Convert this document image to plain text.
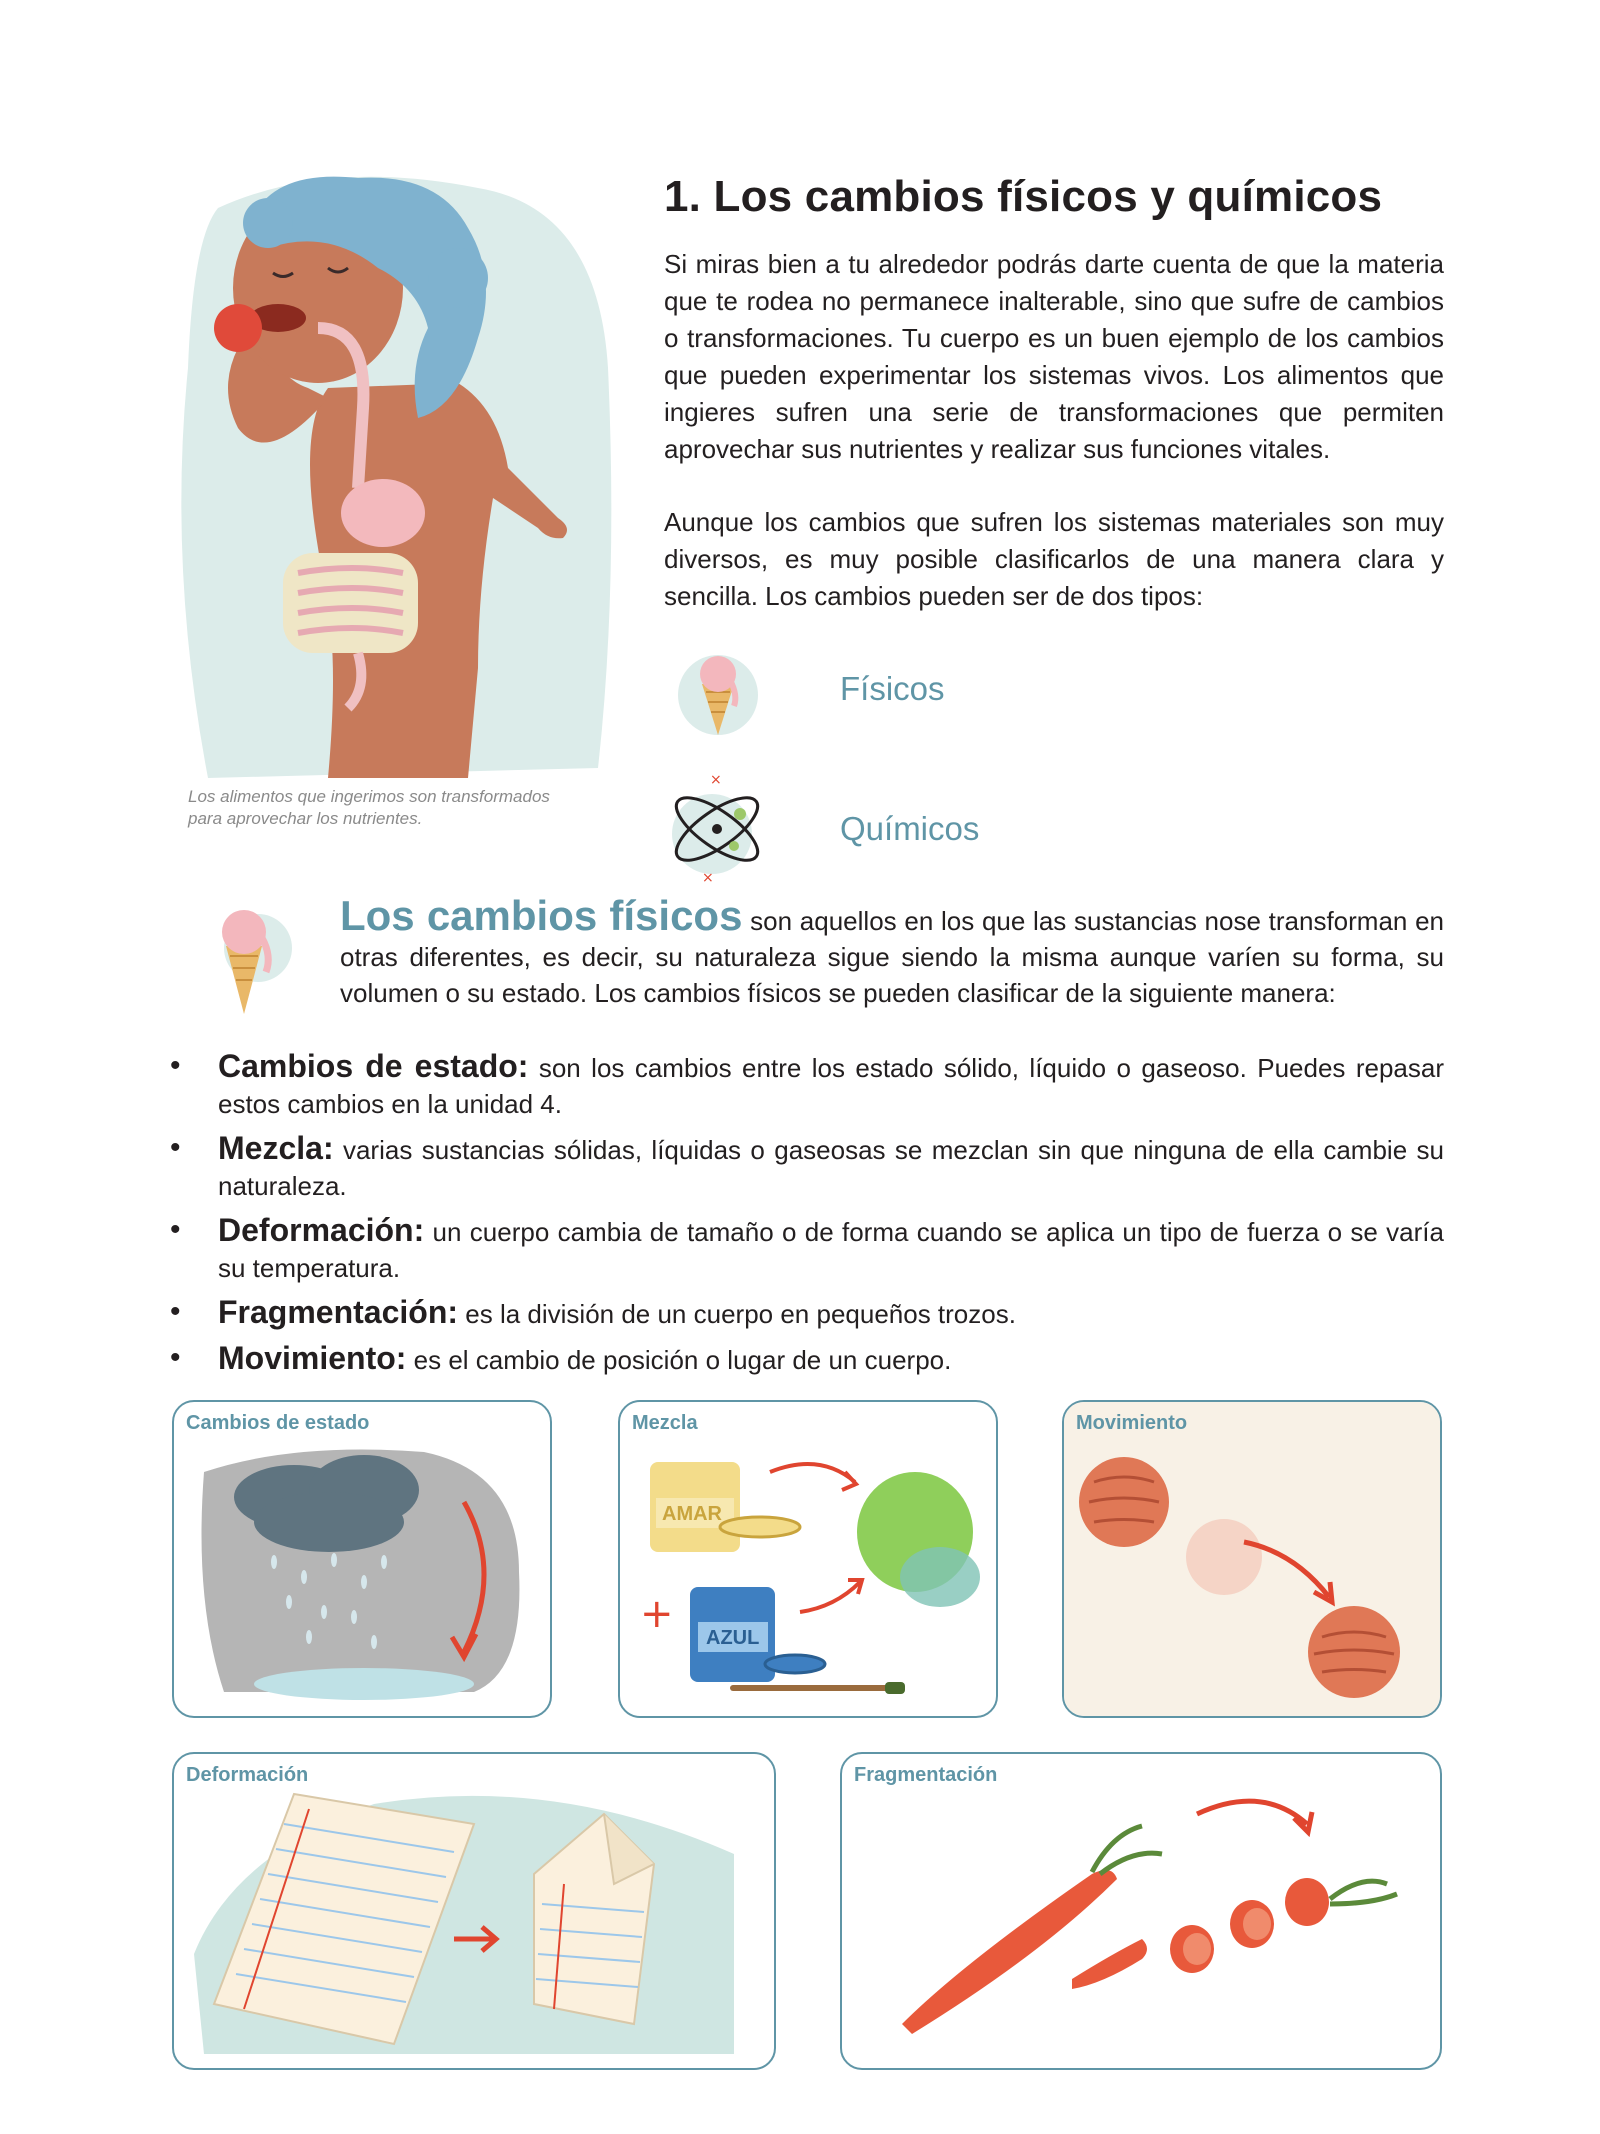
Los alimentos que ingerimos son transformados para aprovechar los nutrientes.
1. Los cambios físicos y químicos

Si miras bien a tu alrededor podrás darte cuenta de que la materia que te rodea no permanece inalterable, sino que sufre de cambios o transformaciones. Tu cuerpo es un buen ejemplo de los cambios que pueden experimentar los sistemas vivos. Los alimentos que ingieres sufren una serie de transformaciones que permiten aprovechar sus nutrientes y realizar sus funciones vitales.

Aunque los cambios que sufren los sistemas materiales son muy diversos, es muy posible clasificarlos de una manera clara y sencilla. Los cambios pueden ser de dos tipos:

Físicos
×
×
Químicos

Los cambios físicos son aquellos en los que las sustancias nose transforman en otras diferentes, es decir, su naturaleza sigue siendo la misma aunque varíen su forma, su volumen o su estado. Los cambios físicos se pueden clasificar de la siguiente manera:

• Cambios de estado: son los cambios entre los estado sólido, líquido o gaseoso. Puedes repasar estos cambios en la unidad 4.
• Mezcla: varias sustancias sólidas, líquidas o gaseosas se mezclan sin que ninguna de ella cambie su naturaleza.
• Deformación: un cuerpo cambia de tamaño o de forma cuando se aplica un tipo de fuerza o se varía su temperatura.
• Fragmentación: es la división de un cuerpo en pequeños trozos.
• Movimiento: es el cambio de posición o lugar de un cuerpo.
Cambios de estado	Mezcla
AMAR
+
AZUL
Movimiento
Deformación	Fragmentación
